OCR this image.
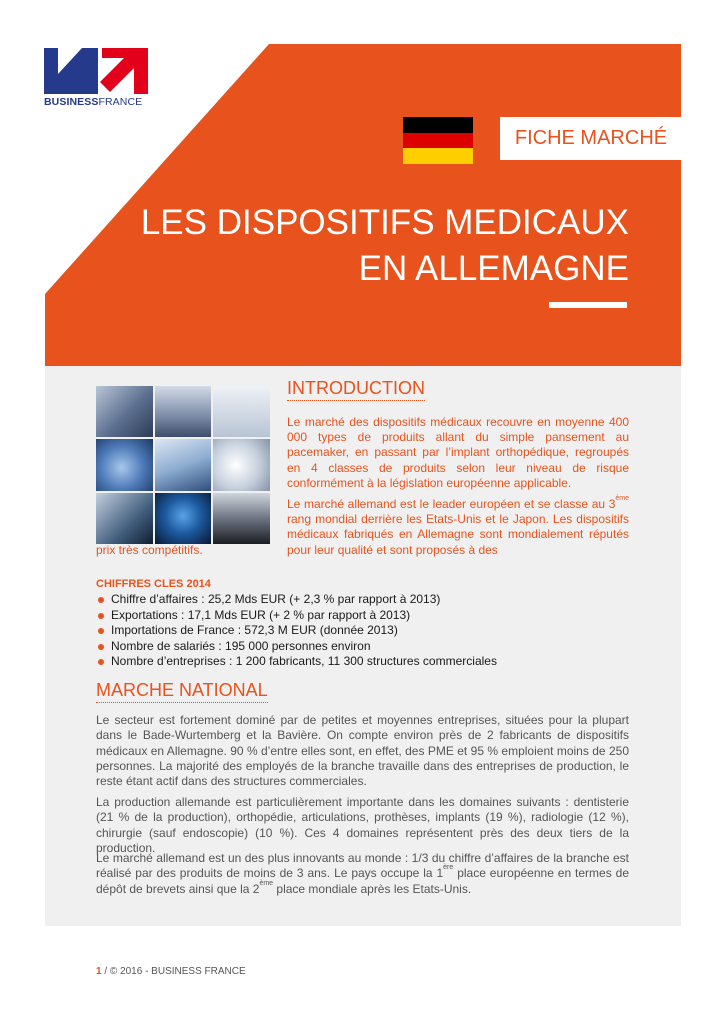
BUSINESSFRANCE
FICHE MARCHÉ
LES DISPOSITIFS MEDICAUX
EN ALLEMAGNE
INTRODUCTION

Le marché des dispositifs médicaux recouvre en moyenne 400 000 types de produits allant du simple pansement au pacemaker, en passant par l’implant orthopédique, regroupés en 4 classes de produits selon leur niveau de risque conformément à la législation européenne applicable.

Le marché allemand est le leader européen et se classe au 3ème rang mondial derrière les Etats-Unis et le Japon. Les dispositifs médicaux fabriqués en Allemagne sont mondialement réputés pour leur qualité et sont proposés à des

prix très compétitifs.
CHIFFRES CLES 2014
Chiffre d’affaires : 25,2 Mds EUR (+ 2,3 % par rapport à 2013)
Exportations : 17,1 Mds EUR (+ 2 % par rapport à 2013)
Importations de France : 572,3 M EUR (donnée 2013)
Nombre de salariés : 195 000 personnes environ
Nombre d’entreprises : 1 200 fabricants, 11 300 structures commerciales
MARCHE NATIONAL

Le secteur est fortement dominé par de petites et moyennes entreprises, situées pour la plupart dans le Bade-Wurtemberg et la Bavière. On compte environ près de 2 fabricants de dispositifs médicaux en Allemagne. 90 % d’entre elles sont, en effet, des PME et 95 % emploient moins de 250 personnes. La majorité des employés de la branche travaille dans des entreprises de production, le reste étant actif dans des structures commerciales.

La production allemande est particulièrement importante dans les domaines suivants : dentisterie (21 % de la production), orthopédie, articulations, prothèses, implants (19 %), radiologie (12 %), chirurgie (sauf endoscopie) (10 %). Ces 4 domaines représentent près des deux tiers de la production.

Le marché allemand est un des plus innovants au monde : 1/3 du chiffre d’affaires de la branche est réalisé par des produits de moins de 3 ans. Le pays occupe la 1ère place européenne en termes de dépôt de brevets ainsi que la 2ème place mondiale après les Etats-Unis.

1 / © 2016 - BUSINESS FRANCE
